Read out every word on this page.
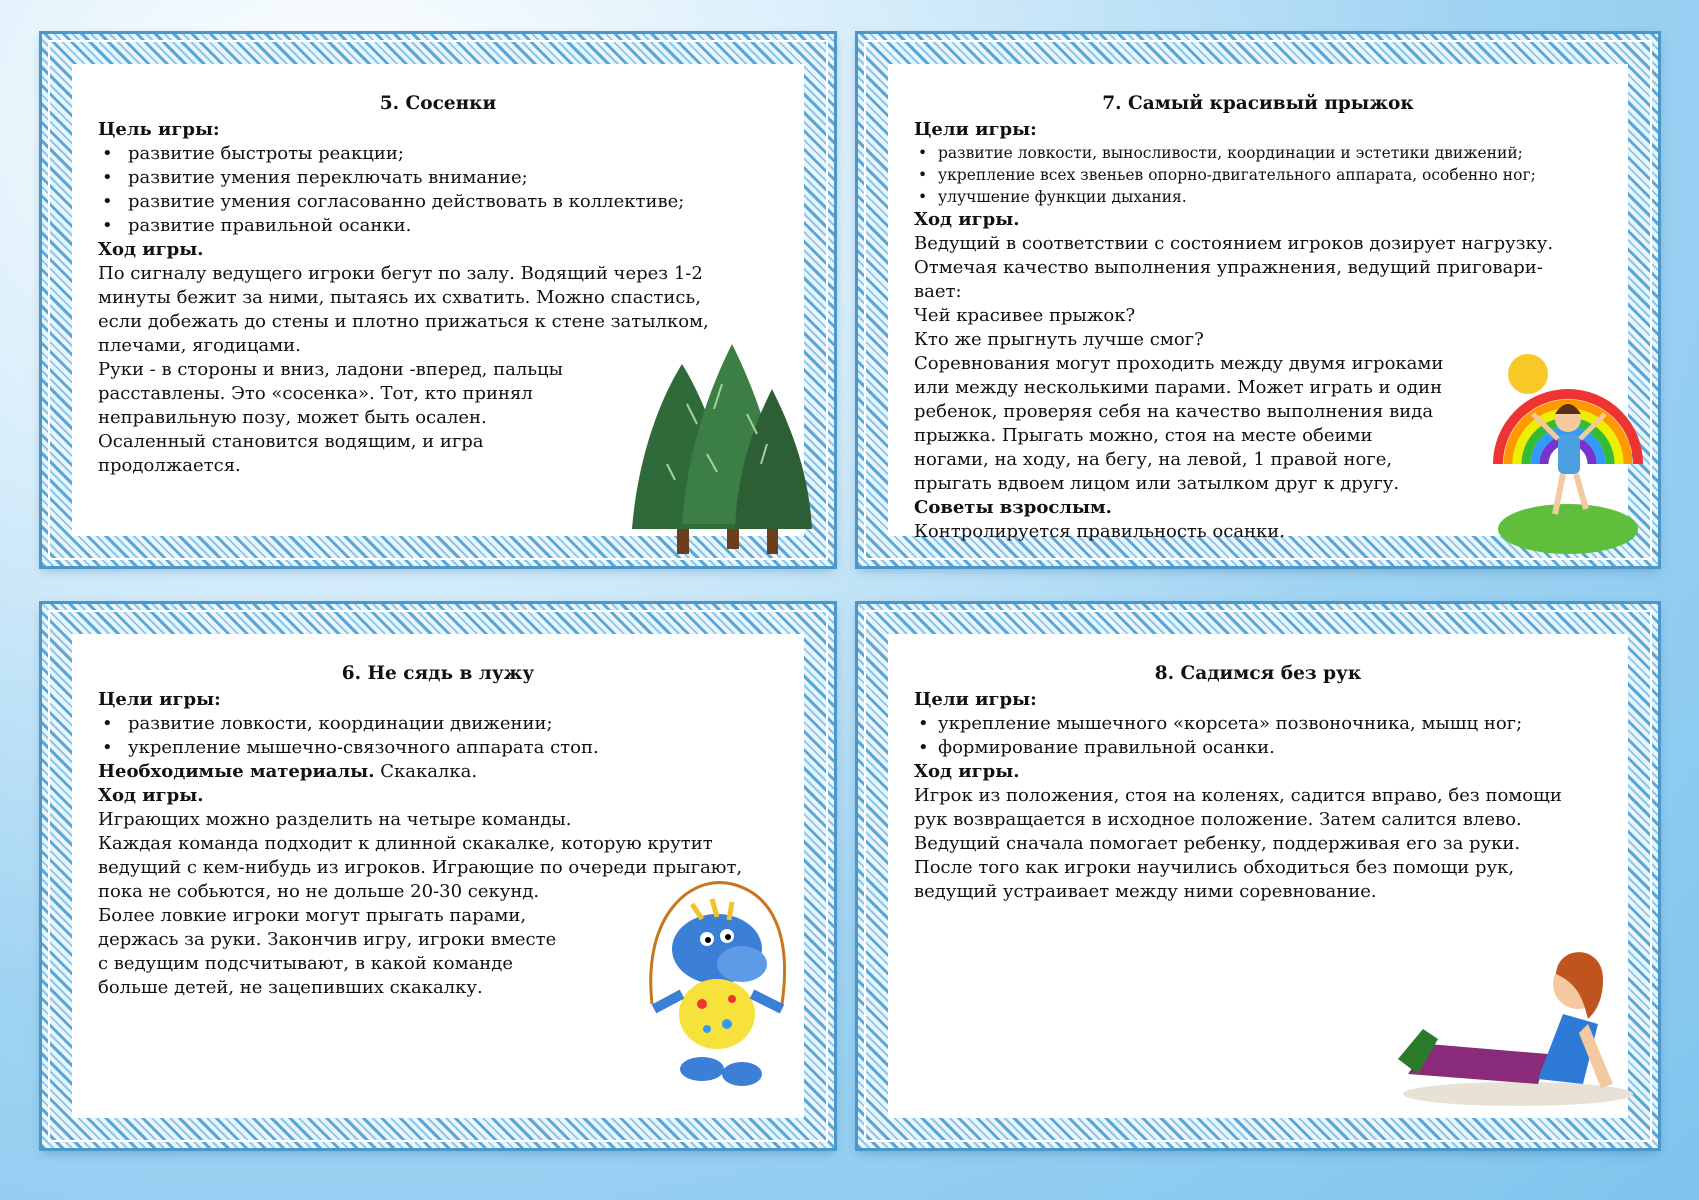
5. Сосенки
Цель игры:
• развитие быстроты реакции;
• развитие умения переключать внимание;
• развитие умения согласованно действовать в коллективе;
• развитие правильной осанки.
Ход игры.

По сигналу ведущего игроки бегут по залу. Водящий через 1-2

минуты бежит за ними, пытаясь их схватить. Можно спастись,

если добежать до стены и плотно прижаться к стене затылком,

плечами, ягодицами.

Руки - в стороны и вниз, ладони -вперед, пальцы

расставлены. Это «сосенка». Тот, кто принял

неправильную позу, может быть осален.

Осаленный становится водящим, и игра

продолжается.

7. Самый красивый прыжок
Цели игры:
• развитие ловкости, выносливости, координации и эстетики движений;
• укрепление всех звеньев опорно-двигательного аппарата, особенно ног;
• улучшение функции дыхания.
Ход игры.

Ведущий в соответствии с состоянием игроков дозирует нагрузку.

Отмечая качество выполнения упражнения, ведущий приговари-

вает:

Чей красивее прыжок?

Кто же прыгнуть лучше смог?

Соревнования могут проходить между двумя игроками

или между несколькими парами. Может играть и один

ребенок, проверяя себя на качество выполнения вида

прыжка. Прыгать можно, стоя на месте обеими

ногами, на ходу, на бегу, на левой, 1 правой ноге,

прыгать вдвоем лицом или затылком друг к другу.

Советы взрослым.

Контролируется правильность осанки.

6. Не сядь в лужу
Цели игры:
• развитие ловкости, координации движении;
• укрепление мышечно-связочного аппарата стоп.

Необходимые материалы. Скакалка.

Ход игры.

Играющих можно разделить на четыре команды.

Каждая команда подходит к длинной скакалке, которую крутит

ведущий с кем-нибудь из игроков. Играющие по очереди прыгают,

пока не собьются, но не дольше 20-30 секунд.

Более ловкие игроки могут прыгать парами,

держась за руки. Закончив игру, игроки вместе

с ведущим подсчитывают, в какой команде

больше детей, не зацепивших скакалку.

8. Садимся без рук
Цели игры:
• укрепление мышечного «корсета» позвоночника, мышц ног;
• формирование правильной осанки.
Ход игры.

Игрок из положения, стоя на коленях, садится вправо, без помощи

рук возвращается в исходное положение. Затем салится влево.

Ведущий сначала помогает ребенку, поддерживая его за руки.

После того как игроки научились обходиться без помощи рук,

ведущий устраивает между ними соревнование.
